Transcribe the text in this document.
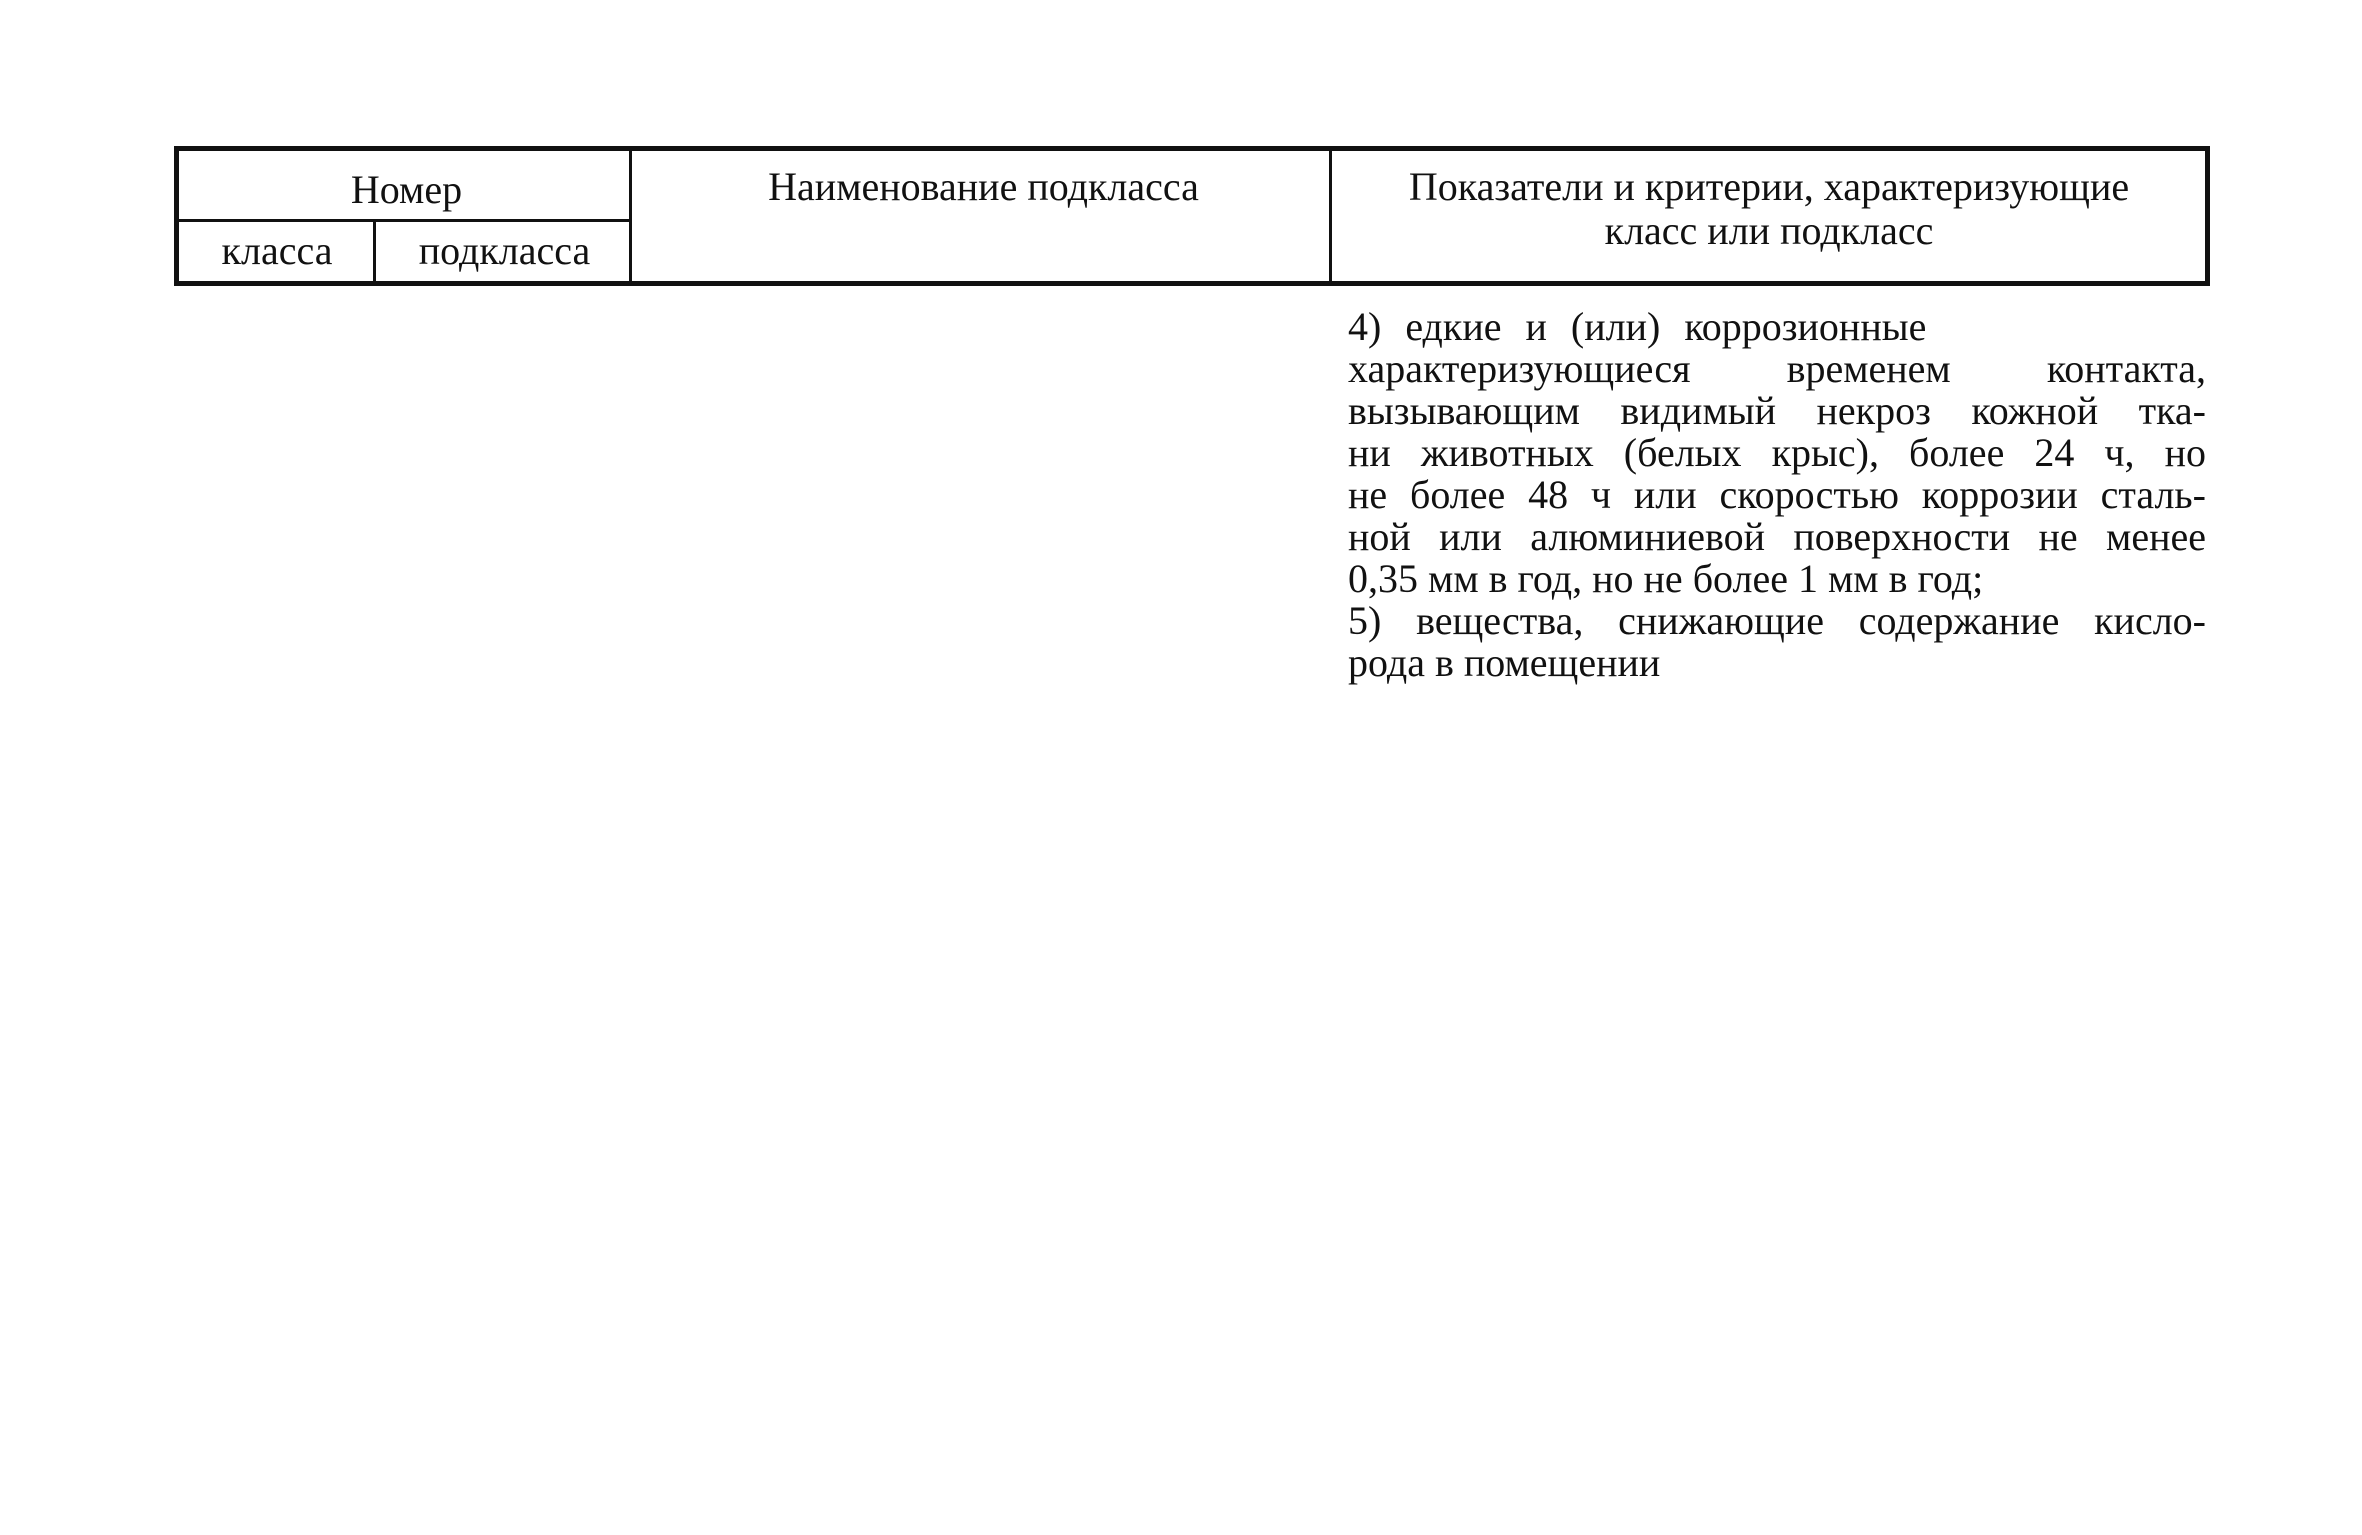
Номер
класса подкласса
Наименование подкласса	Показатели и критерии, характеризующие
класс или подкласс

4) едкие и (или) коррозионные
характеризующиеся временем контакта,
вызывающим видимый некроз кожной тка-
ни животных (белых крыс), более 24 ч, но
не более 48 ч или скоростью коррозии сталь-
ной или алюминиевой поверхности не менее
0,35 мм в год, но не более 1 мм в год;

5) вещества, снижающие содержание кисло-
рода в помещении
